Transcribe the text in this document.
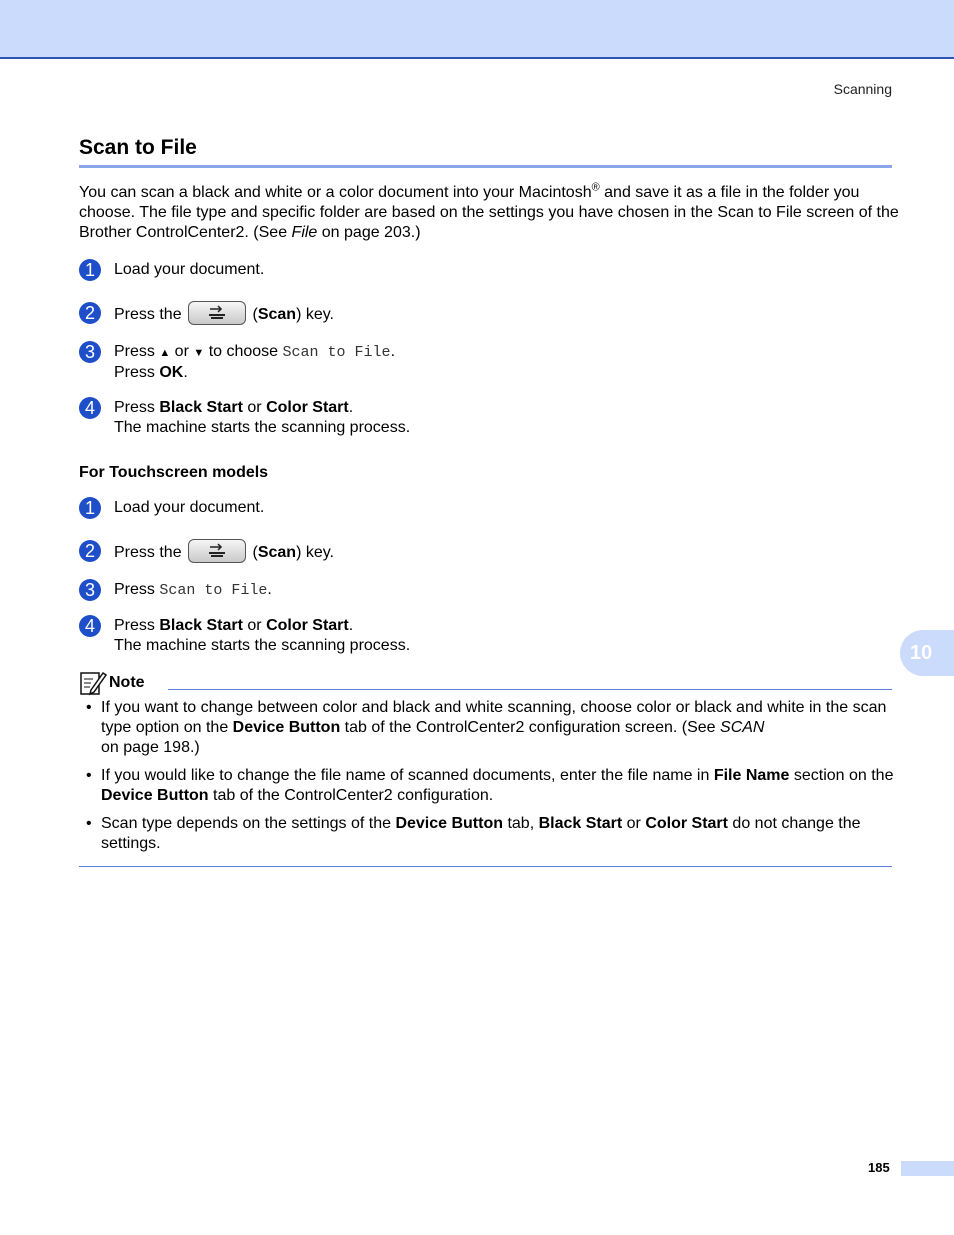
Scanning
Scan to File

You can scan a black and white or a color document into your Macintosh® and save it as a file in the folder you choose. The file type and specific folder are based on the settings you have chosen in the Scan to File screen of the Brother ControlCenter2. (See File on page 203.)

1	Load your document.
2	Press the	(Scan) key.
3	Press ▲ or ▼ to choose Scan to File.
Press OK.
4	Press Black Start or Color Start.
The machine starts the scanning process.
For Touchscreen models
1	Load your document.
2	Press the	(Scan) key.
3	Press Scan to File.
4	Press Black Start or Color Start.
The machine starts the scanning process.
Note
• If you want to change between color and black and white scanning, choose color or black and white in the scan type option on the Device Button tab of the ControlCenter2 configuration screen. (See SCAN
on page 198.)
• If you would like to change the file name of scanned documents, enter the file name in File Name section on the Device Button tab of the ControlCenter2 configuration.
• Scan type depends on the settings of the Device Button tab, Black Start or Color Start do not change the settings.
10
185
